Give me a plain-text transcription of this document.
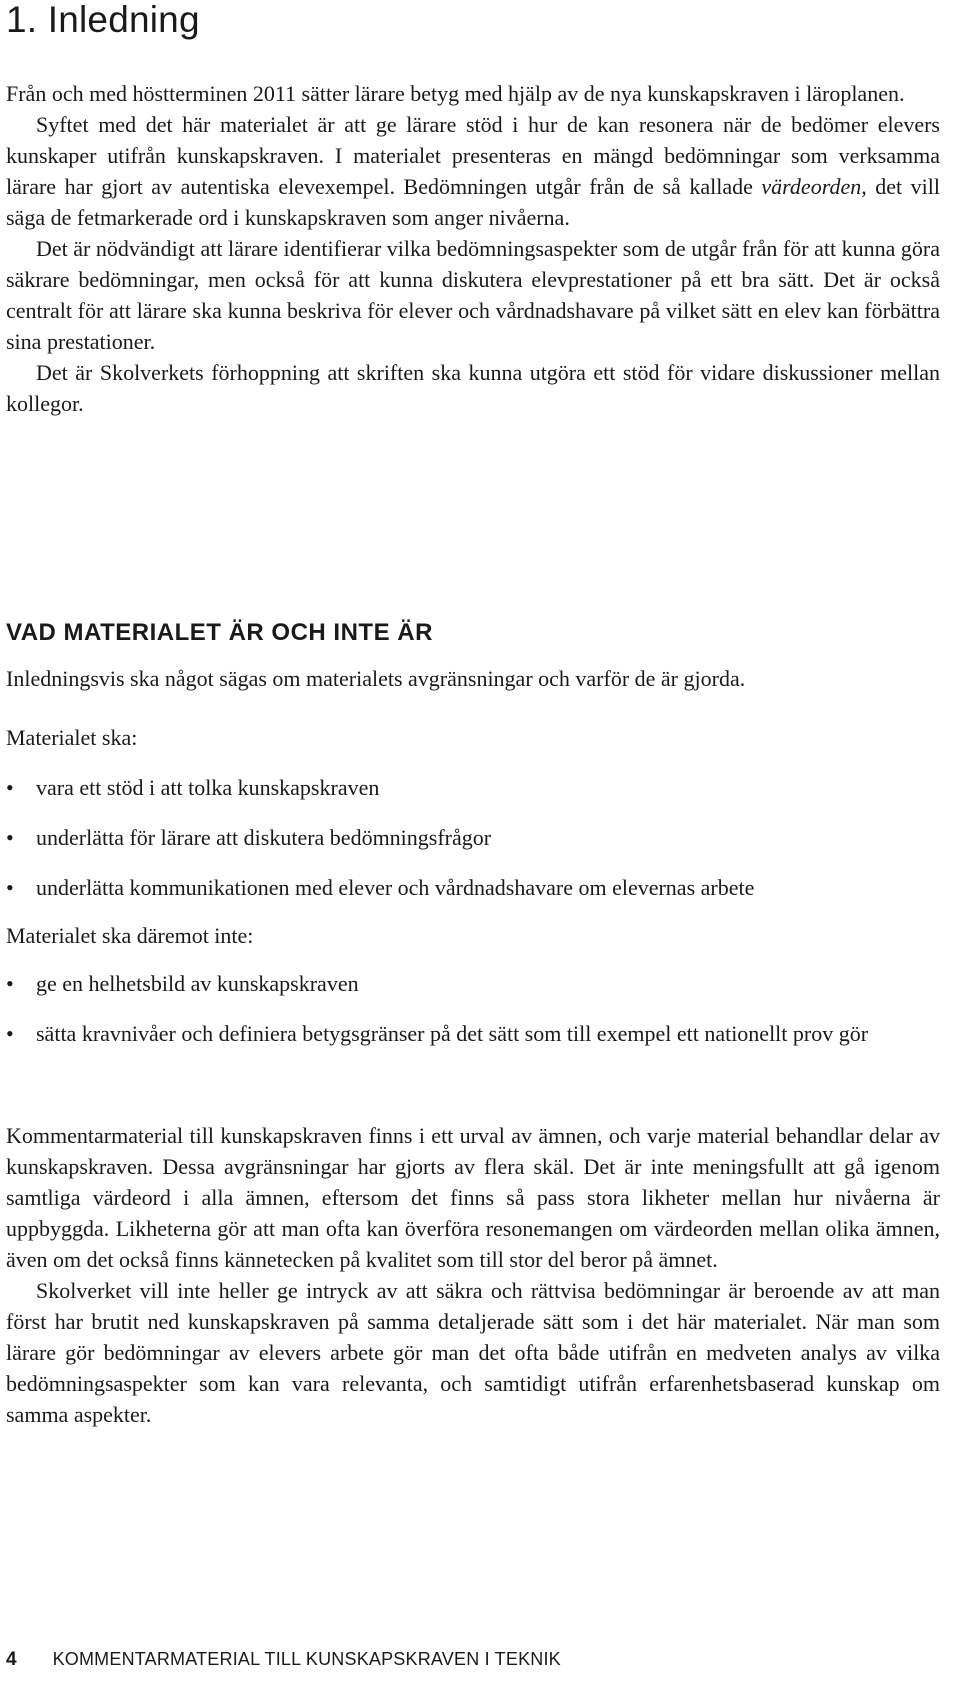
1. Inledning

Från och med höstterminen 2011 sätter lärare betyg med hjälp av de nya kunskapskraven i läroplanen.

Syftet med det här materialet är att ge lärare stöd i hur de kan resonera när de bedömer elevers kunskaper utifrån kunskapskraven. I materialet presenteras en mängd bedömningar som verksamma lärare har gjort av autentiska elevexempel. Bedömningen utgår från de så kallade värdeorden, det vill säga de fetmarkerade ord i kunskapskraven som anger nivåerna.

Det är nödvändigt att lärare identifierar vilka bedömningsaspekter som de utgår från för att kunna göra säkrare bedömningar, men också för att kunna diskutera elevprestationer på ett bra sätt. Det är också centralt för att lärare ska kunna beskriva för elever och vårdnadshavare på vilket sätt en elev kan förbättra sina prestationer.

Det är Skolverkets förhoppning att skriften ska kunna utgöra ett stöd för vidare diskussioner mellan kollegor.

VAD MATERIALET ÄR OCH INTE ÄR
Inledningsvis ska något sägas om materialets avgränsningar och varför de är gjorda.
Materialet ska:
• vara ett stöd i att tolka kunskapskraven
• underlätta för lärare att diskutera bedömningsfrågor
• underlätta kommunikationen med elever och vårdnadshavare om elevernas arbete
Materialet ska däremot inte:
• ge en helhetsbild av kunskapskraven
• sätta kravnivåer och definiera betygsgränser på det sätt som till exempel ett nationellt prov gör

Kommentarmaterial till kunskapskraven finns i ett urval av ämnen, och varje material behandlar delar av kunskapskraven. Dessa avgränsningar har gjorts av flera skäl. Det är inte meningsfullt att gå igenom samtliga värdeord i alla ämnen, eftersom det finns så pass stora likheter mellan hur nivåerna är uppbyggda. Likheterna gör att man ofta kan överföra resonemangen om värdeorden mellan olika ämnen, även om det också finns kännetecken på kvalitet som till stor del beror på ämnet.

Skolverket vill inte heller ge intryck av att säkra och rättvisa bedömningar är beroende av att man först har brutit ned kunskapskraven på samma detaljerade sätt som i det här materialet. När man som lärare gör bedömningar av elevers arbete gör man det ofta både utifrån en medveten analys av vilka bedömningsaspekter som kan vara relevanta, och samtidigt utifrån erfarenhetsbaserad kunskap om samma aspekter.

4 KOMMENTARMATERIAL TILL KUNSKAPSKRAVEN I TEKNIK
